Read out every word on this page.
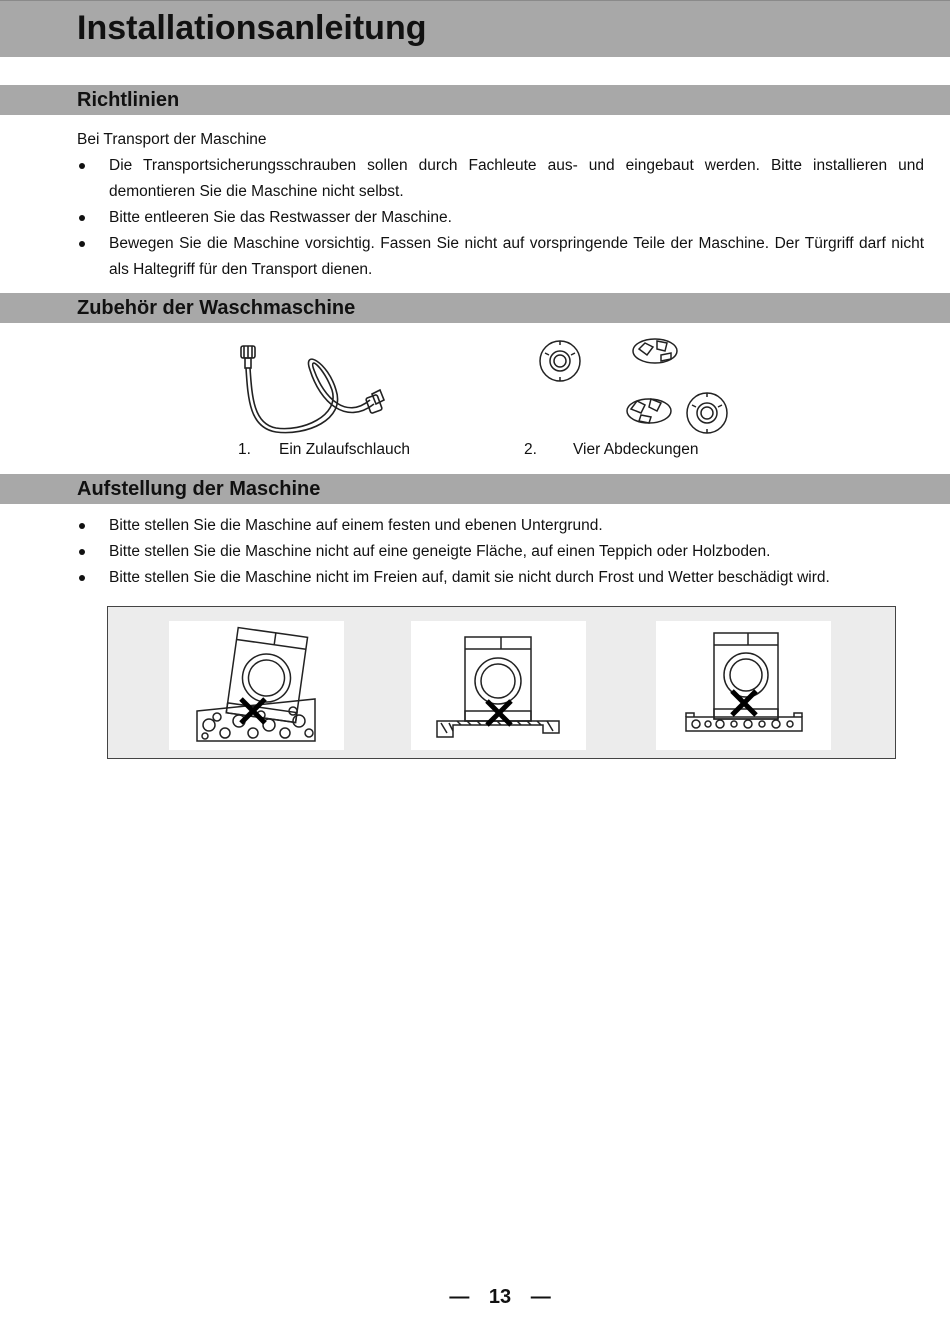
Installationsanleitung
Richtlinien
Bei Transport der Maschine
Die Transportsicherungsschrauben sollen durch Fachleute aus- und eingebaut werden. Bitte installieren und demontieren Sie die Maschine nicht selbst.
Bitte entleeren Sie das Restwasser der Maschine.
Bewegen Sie die Maschine vorsichtig. Fassen Sie nicht auf vorspringende Teile der Maschine. Der Türgriff darf nicht als Haltegriff für den Transport dienen.
Zubehör der Waschmaschine
1. Ein Zulaufschlauch	2. Vier Abdeckungen
Aufstellung der Maschine
Bitte stellen Sie die Maschine auf einem festen und ebenen Untergrund.
Bitte stellen Sie die Maschine nicht auf eine geneigte Fläche, auf einen Teppich oder Holzboden.
Bitte stellen Sie die Maschine nicht im Freien auf, damit sie nicht durch Frost und Wetter beschädigt wird.
— 13 —
